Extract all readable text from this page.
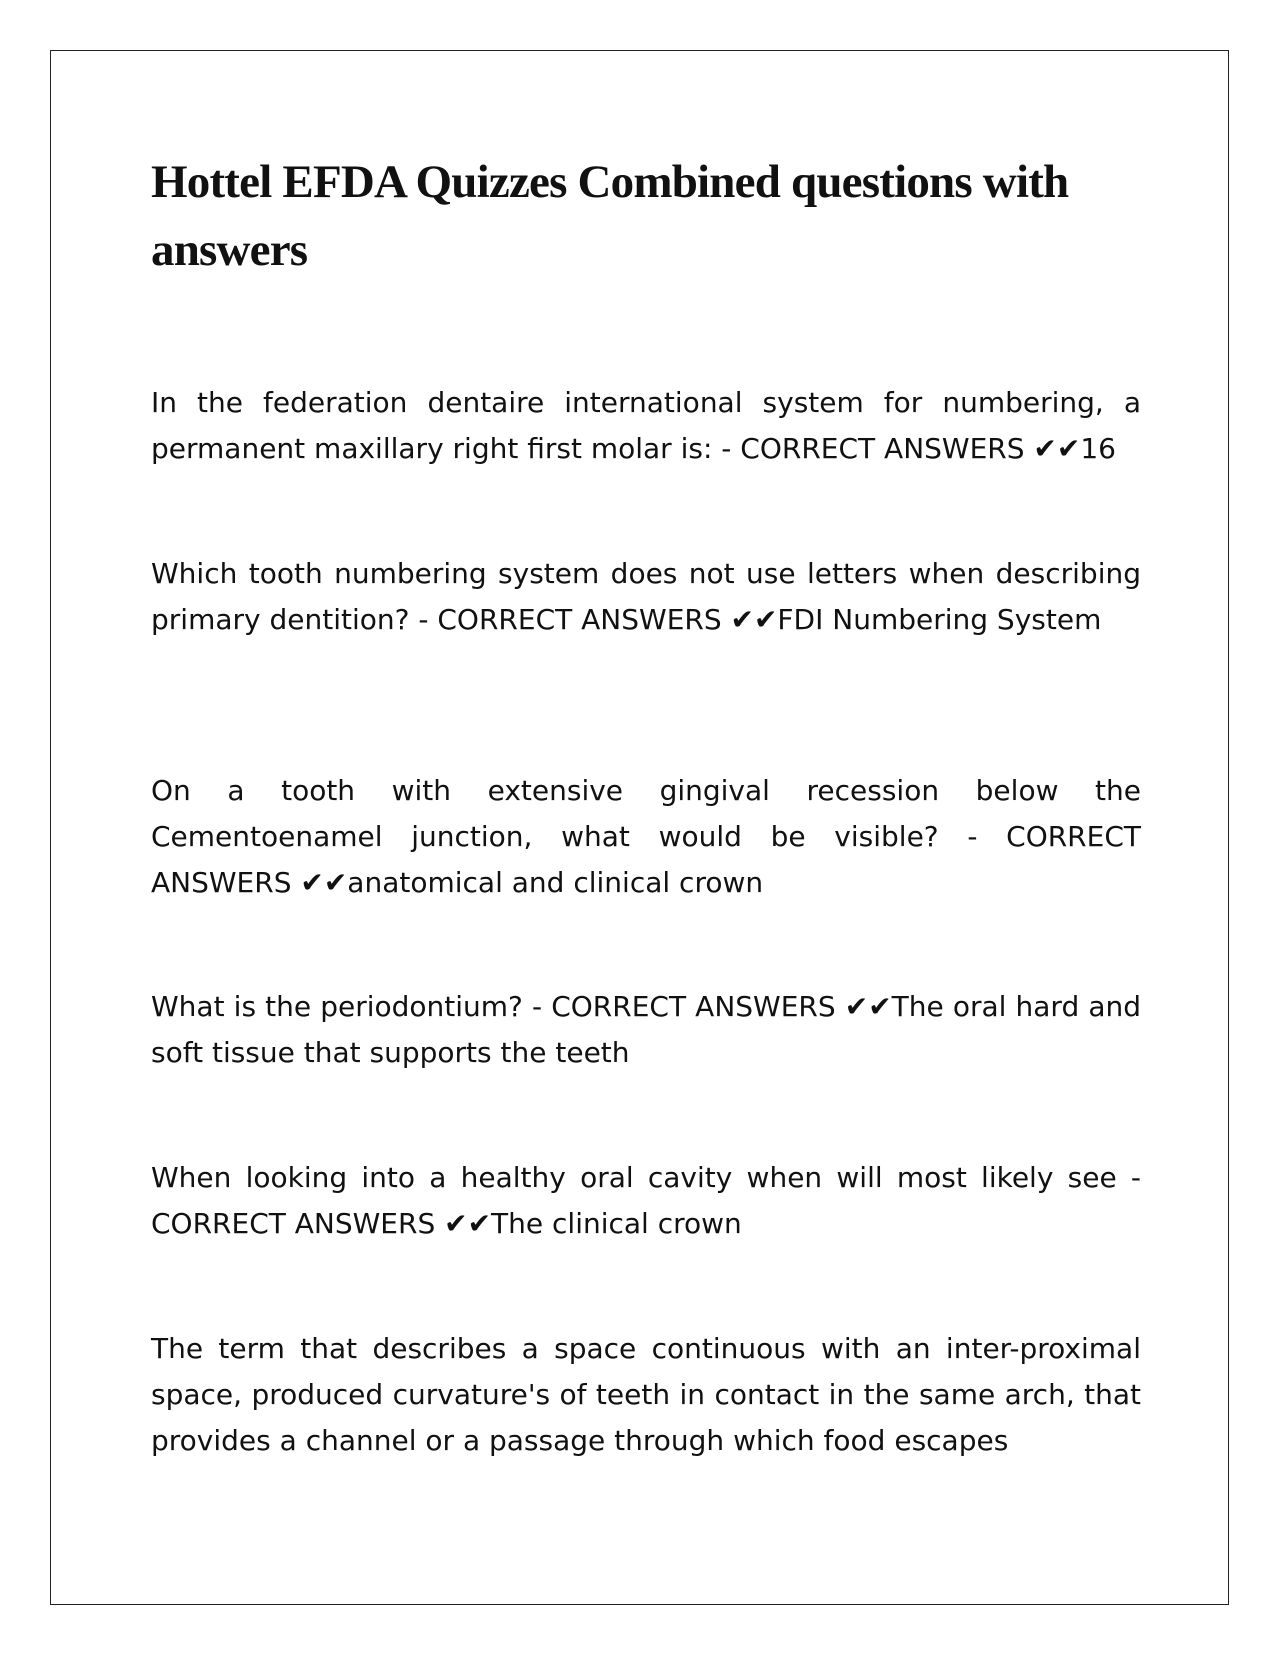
Hottel EFDA Quizzes Combined questions with answers

In the federation dentaire international system for numbering, a permanent maxillary right first molar is: - CORRECT ANSWERS ✔✔16

Which tooth numbering system does not use letters when describing primary dentition? - CORRECT ANSWERS ✔✔FDI Numbering System

On a tooth with extensive gingival recession below the Cementoenamel junction, what would be visible? - CORRECT ANSWERS ✔✔anatomical and clinical crown

What is the periodontium? - CORRECT ANSWERS ✔✔The oral hard and soft tissue that supports the teeth

When looking into a healthy oral cavity when will most likely see - CORRECT ANSWERS ✔✔The clinical crown

The term that describes a space continuous with an inter-proximal space, produced curvature's of teeth in contact in the same arch, that provides a channel or a passage through which food escapes
